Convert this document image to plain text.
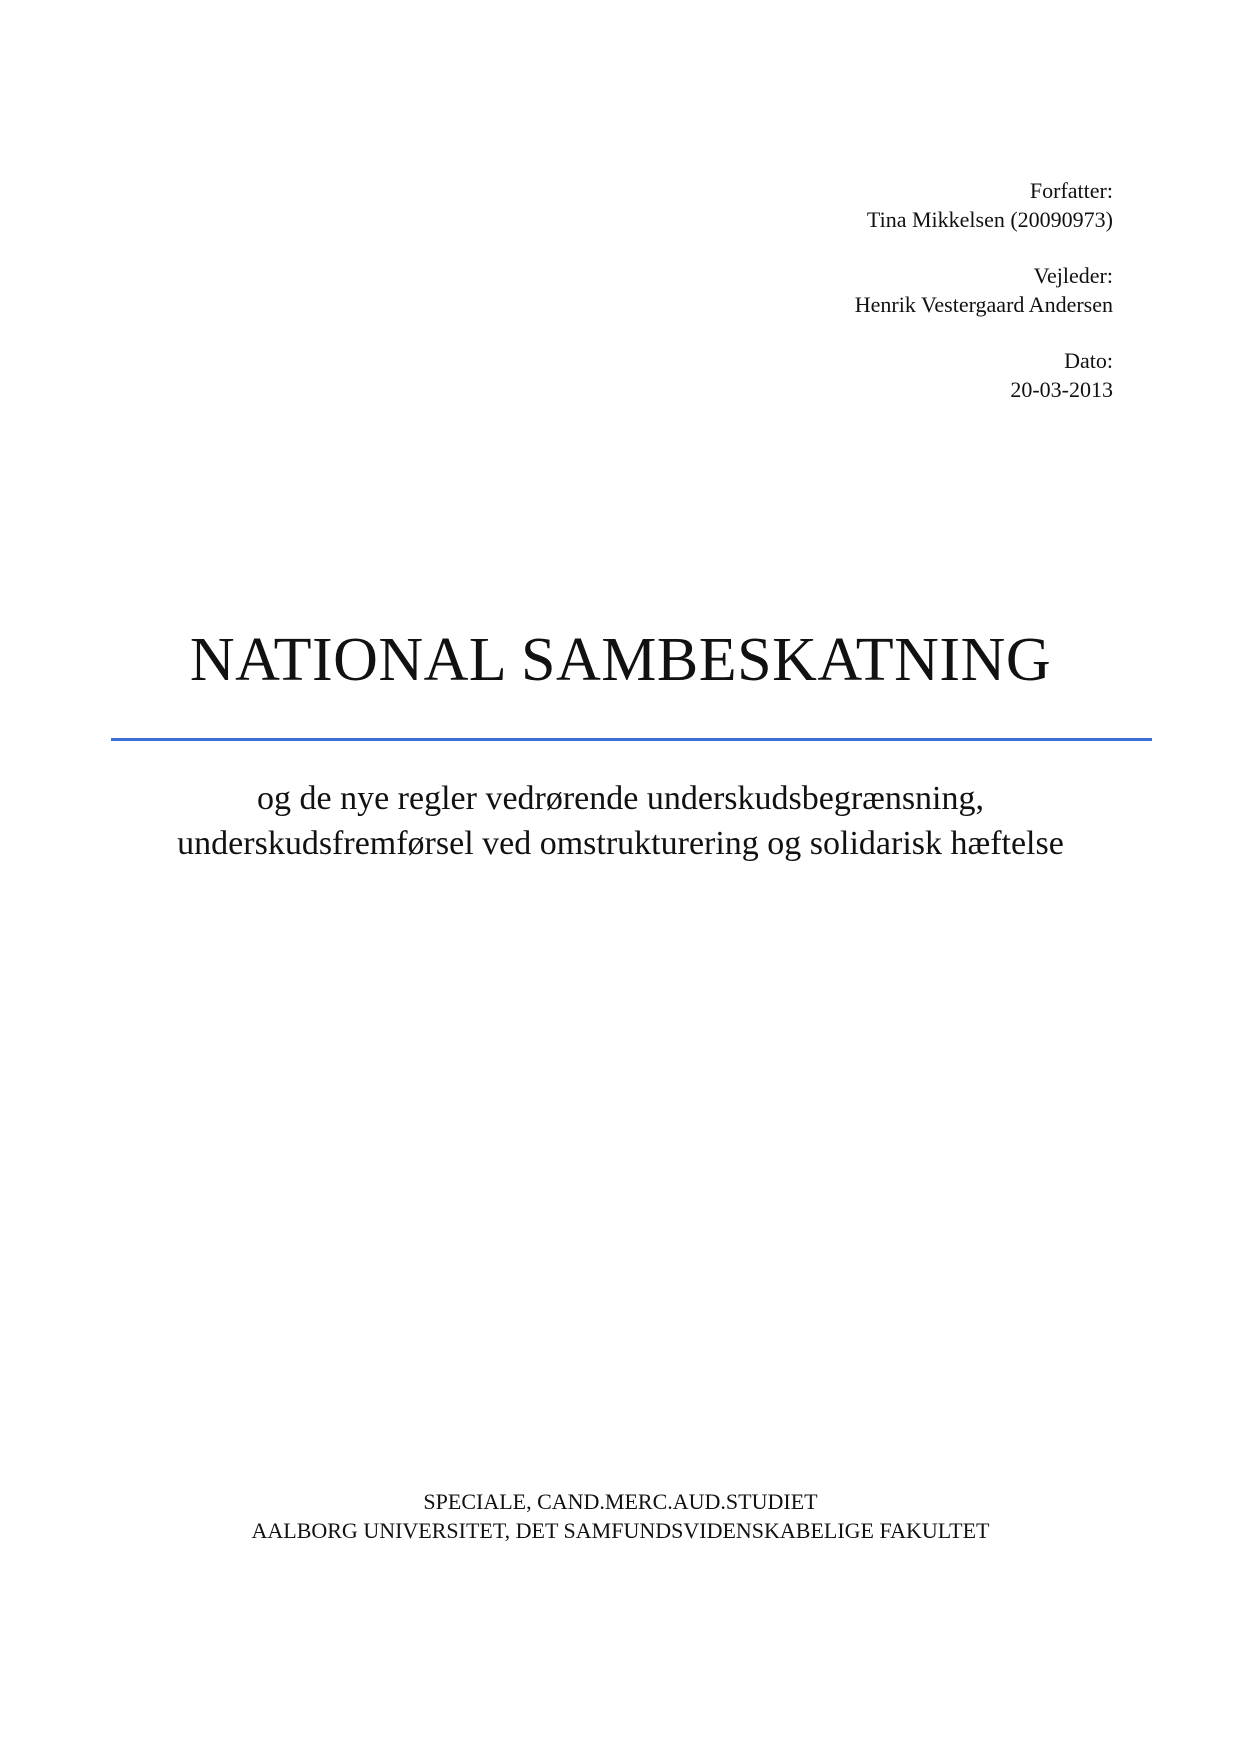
Forfatter:

Tina Mikkelsen (20090973)

Vejleder:

Henrik Vestergaard Andersen

Dato:

20-03-2013

NATIONAL SAMBESKATNING

og de nye regler vedrørende underskudsbegrænsning,

underskudsfremførsel ved omstrukturering og solidarisk hæftelse

SPECIALE, CAND.MERC.AUD.STUDIET

AALBORG UNIVERSITET, DET SAMFUNDSVIDENSKABELIGE FAKULTET
